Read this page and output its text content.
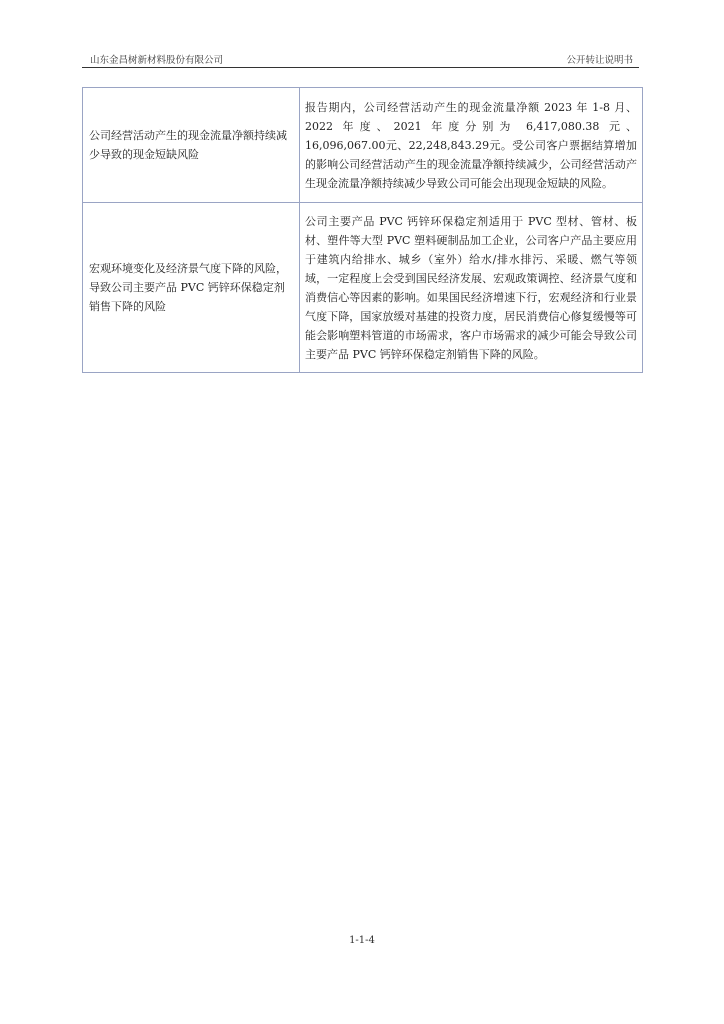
山东金昌树新材料股份有限公司	公开转让说明书
公司经营活动产生的现金流量净额持续减少导致的现金短缺风险	报告期内，公司经营活动产生的现金流量净额 2023 年 1-8 月、2022 年度、2021 年度分别为 6,417,080.38 元、16,096,067.00元、22,248,843.29元。受公司客户票据结算增加的影响公司经营活动产生的现金流量净额持续减少，公司经营活动产生现金流量净额持续减少导致公司可能会出现现金短缺的风险。
宏观环境变化及经济景气度下降的风险，导致公司主要产品 PVC 钙锌环保稳定剂销售下降的风险	公司主要产品 PVC 钙锌环保稳定剂适用于 PVC 型材、管材、板材、塑件等大型 PVC 塑料硬制品加工企业，公司客户产品主要应用于建筑内给排水、城乡（室外）给水/排水排污、采暖、燃气等领域，一定程度上会受到国民经济发展、宏观政策调控、经济景气度和消费信心等因素的影响。如果国民经济增速下行，宏观经济和行业景气度下降，国家放缓对基建的投资力度，居民消费信心修复缓慢等可能会影响塑料管道的市场需求，客户市场需求的减少可能会导致公司主要产品 PVC 钙锌环保稳定剂销售下降的风险。
1-1-4
